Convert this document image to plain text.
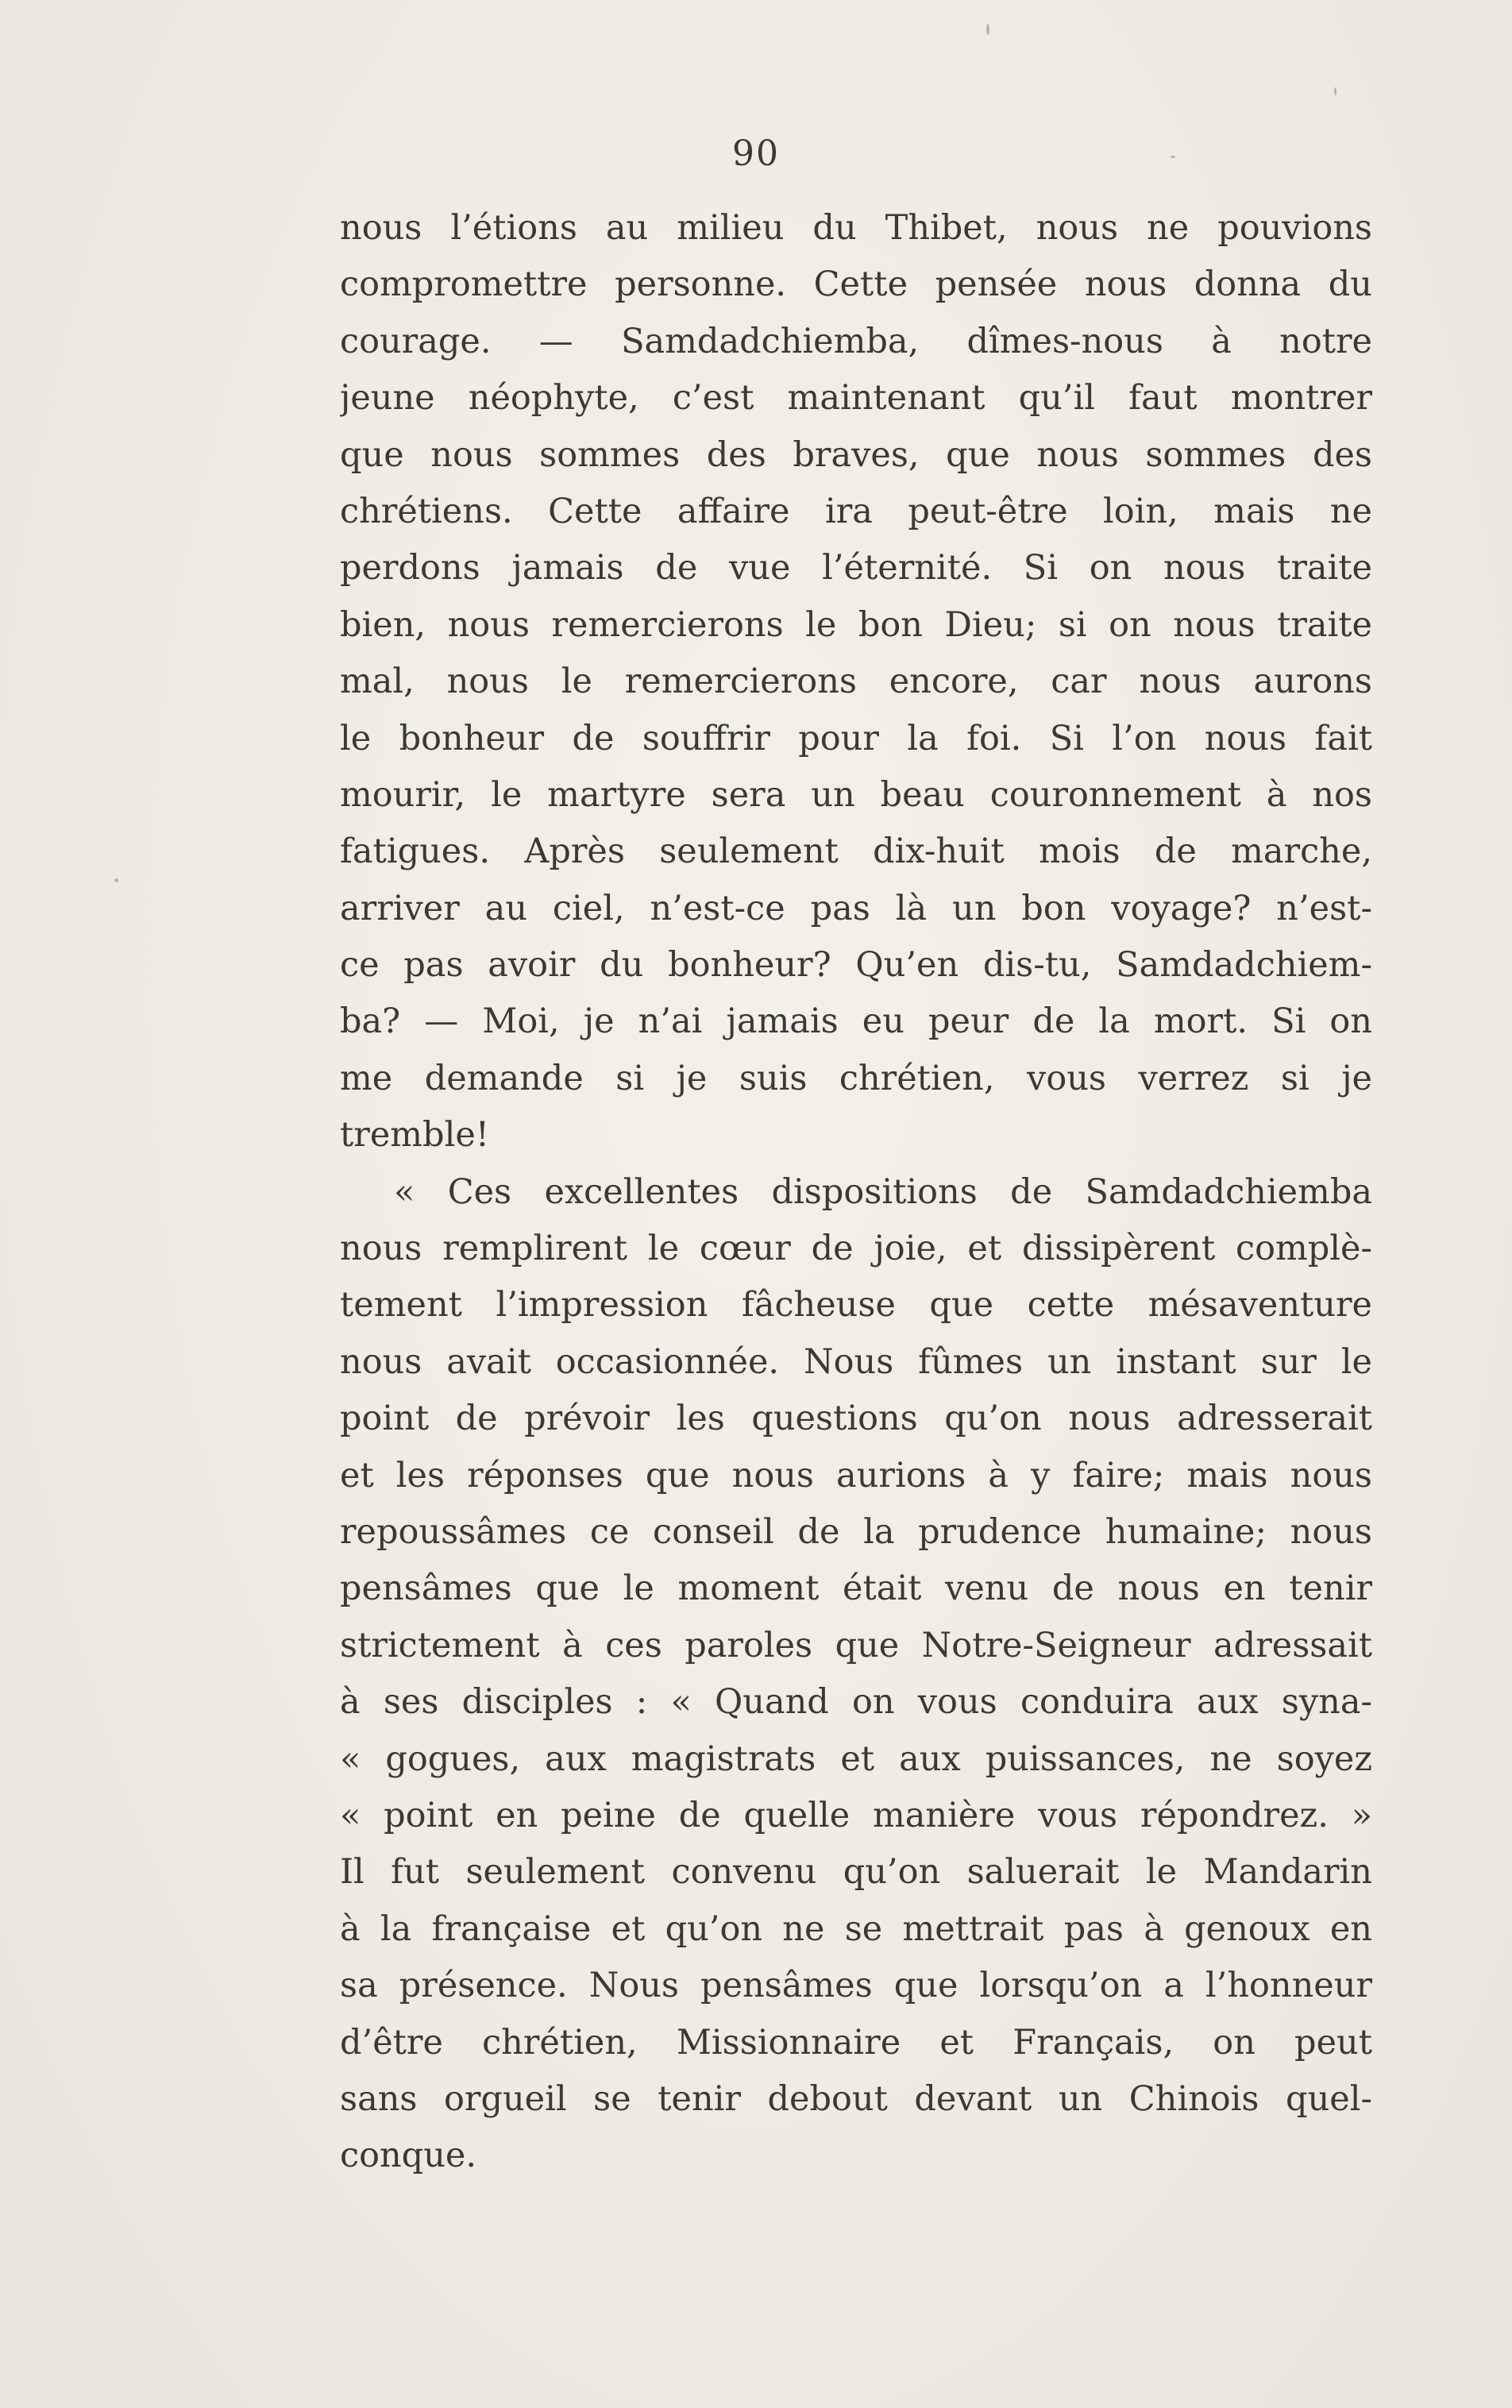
90
nous l’étions au milieu du Thibet, nous ne pouvions
compromettre personne. Cette pensée nous donna du
courage. — Samdadchiemba, dîmes-nous à notre
jeune néophyte, c’est maintenant qu’il faut montrer
que nous sommes des braves, que nous sommes des
chrétiens. Cette affaire ira peut-être loin, mais ne
perdons jamais de vue l’éternité. Si on nous traite
bien, nous remercierons le bon Dieu; si on nous traite
mal, nous le remercierons encore, car nous aurons
le bonheur de souffrir pour la foi. Si l’on nous fait
mourir, le martyre sera un beau couronnement à nos
fatigues. Après seulement dix-huit mois de marche,
arriver au ciel, n’est-ce pas là un bon voyage? n’est-
ce pas avoir du bonheur? Qu’en dis-tu, Samdadchiem-
ba? — Moi, je n’ai jamais eu peur de la mort. Si on
me demande si je suis chrétien, vous verrez si je
tremble!
« Ces excellentes dispositions de Samdadchiemba
nous remplirent le cœur de joie, et dissipèrent complè-
tement l’impression fâcheuse que cette mésaventure
nous avait occasionnée. Nous fûmes un instant sur le
point de prévoir les questions qu’on nous adresserait
et les réponses que nous aurions à y faire; mais nous
repoussâmes ce conseil de la prudence humaine; nous
pensâmes que le moment était venu de nous en tenir
strictement à ces paroles que Notre-Seigneur adressait
à ses disciples : « Quand on vous conduira aux syna-
« gogues, aux magistrats et aux puissances, ne soyez
« point en peine de quelle manière vous répondrez. »
Il fut seulement convenu qu’on saluerait le Mandarin
à la française et qu’on ne se mettrait pas à genoux en
sa présence. Nous pensâmes que lorsqu’on a l’honneur
d’être chrétien, Missionnaire et Français, on peut
sans orgueil se tenir debout devant un Chinois quel-
conque.
